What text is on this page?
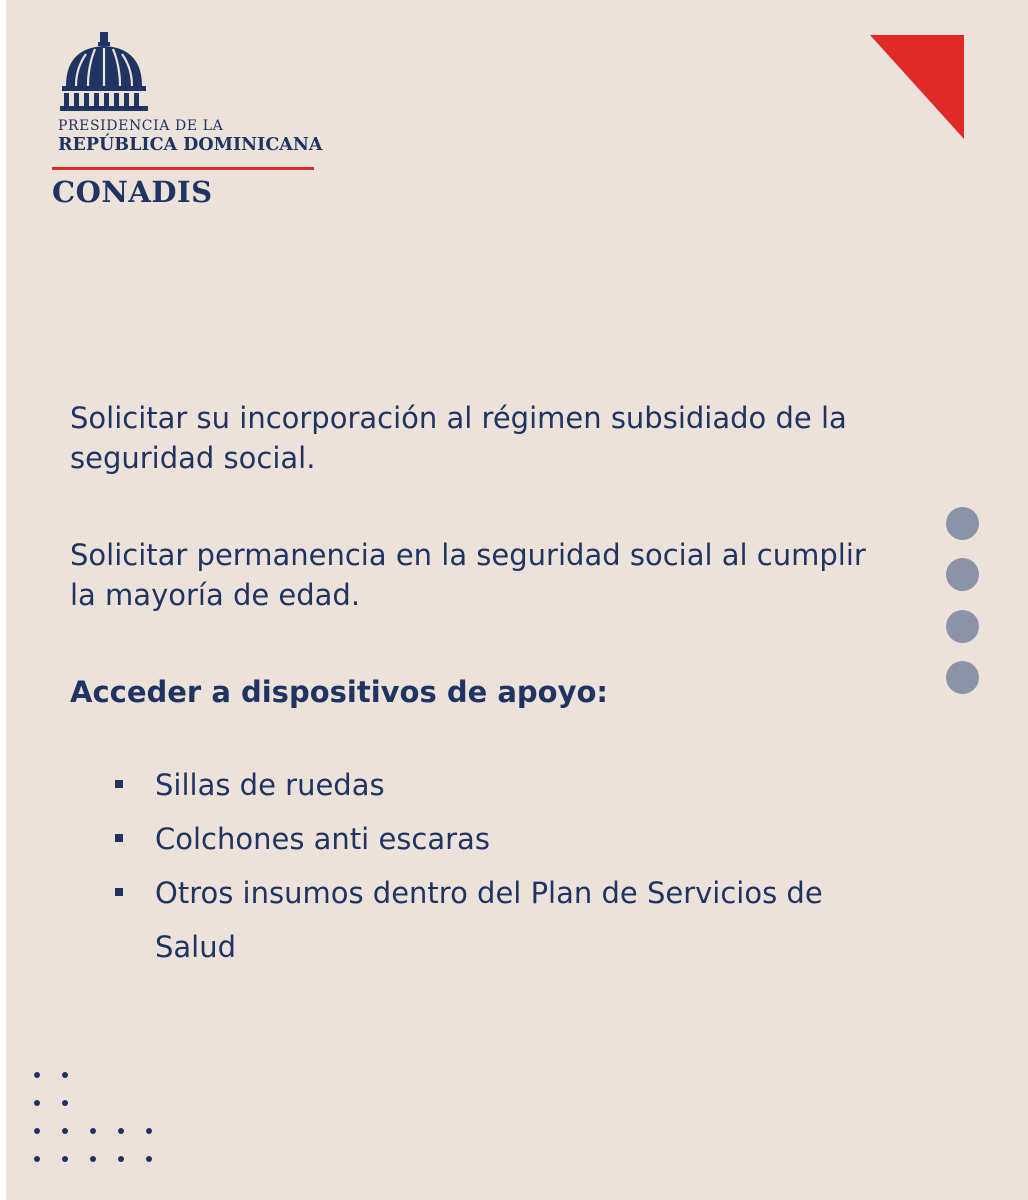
PRESIDENCIA DE LA
REPÚBLICA DOMINICANA
CONADIS

Solicitar su incorporación al régimen subsidiado de la seguridad social.

Solicitar permanencia en la seguridad social al cumplir la mayoría de edad.

Acceder a dispositivos de apoyo:
Sillas de ruedas
Colchones anti escaras
Otros insumos dentro del Plan de Servicios de Salud
